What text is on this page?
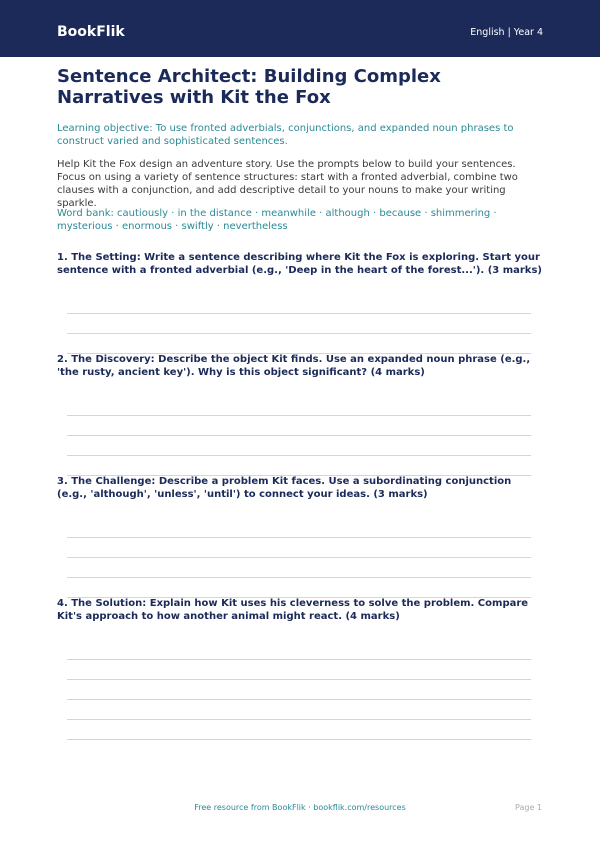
BookFlik	English | Year 4
Sentence Architect: Building Complex Narratives with Kit the Fox
Learning objective: To use fronted adverbials, conjunctions, and expanded noun phrases to construct varied and sophisticated sentences.
Help Kit the Fox design an adventure story. Use the prompts below to build your sentences. Focus on using a variety of sentence structures: start with a fronted adverbial, combine two clauses with a conjunction, and add descriptive detail to your nouns to make your writing sparkle.
Word bank: cautiously · in the distance · meanwhile · although · because · shimmering · mysterious · enormous · swiftly · nevertheless
1. The Setting: Write a sentence describing where Kit the Fox is exploring. Start your sentence with a fronted adverbial (e.g., 'Deep in the heart of the forest...'). (3 marks)
2. The Discovery: Describe the object Kit finds. Use an expanded noun phrase (e.g., 'the rusty, ancient key'). Why is this object significant? (4 marks)
3. The Challenge: Describe a problem Kit faces. Use a subordinating conjunction (e.g., 'although', 'unless', 'until') to connect your ideas. (3 marks)
4. The Solution: Explain how Kit uses his cleverness to solve the problem. Compare Kit's approach to how another animal might react. (4 marks)
Free resource from BookFlik · bookflik.com/resources	Page 1
